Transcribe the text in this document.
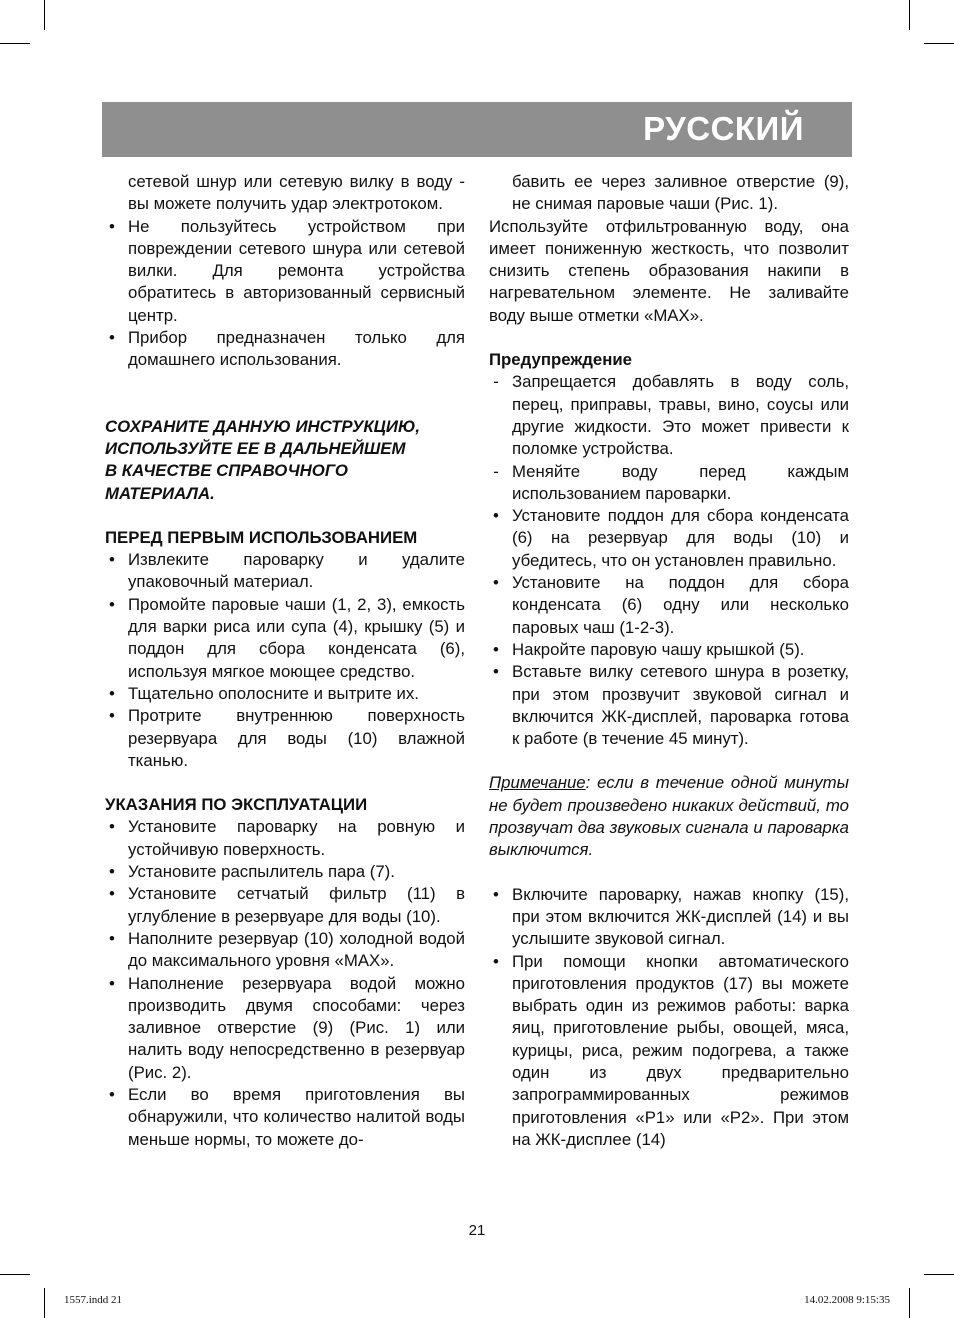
РУССКИЙ

сетевой шнур или сетевую вилку в воду - вы можете получить удар электротоком.

• Не пользуйтесь устройством при повреждении сетевого шнура или сетевой вилки. Для ремонта устройства обратитесь в авторизованный сервисный центр.
• Прибор предназначен только для домашнего использования.
СОХРАНИТЕ ДАННУЮ ИНСТРУКЦИЮ,
ИСПОЛЬЗУЙТЕ ЕЕ В ДАЛЬНЕЙШЕМ
В КАЧЕСТВЕ СПРАВОЧНОГО
МАТЕРИАЛА.

ПЕРЕД ПЕРВЫМ ИСПОЛЬЗОВАНИЕМ

• Извлеките пароварку и удалите упаковочный материал.
• Промойте паровые чаши (1, 2, 3), емкость для варки риса или супа (4), крышку (5) и поддон для сбора конденсата (6), используя мягкое моющее средство.
• Тщательно ополосните и вытрите их.
• Протрите внутреннюю поверхность резервуара для воды (10) влажной тканью.

УКАЗАНИЯ ПО ЭКСПЛУАТАЦИИ

• Установите пароварку на ровную и устойчивую поверхность.
• Установите распылитель пара (7).
• Установите сетчатый фильтр (11) в углубление в резервуаре для воды (10).
• Наполните резервуар (10) холодной водой до максимального уровня «MAX».
• Наполнение резервуара водой можно производить двумя способами: через заливное отверстие (9) (Рис. 1) или налить воду непосредственно в резервуар (Рис. 2).
• Если во время приготовления вы обнаружили, что количество налитой воды меньше нормы, то можете до-

бавить ее через заливное отверстие (9), не снимая паровые чаши (Рис. 1).

Используйте отфильтрованную воду, она имеет пониженную жесткость, что позволит снизить степень образования накипи в нагревательном элементе. Не заливайте воду выше отметки «MAX».

Предупреждение

- Запрещается добавлять в воду соль, перец, приправы, травы, вино, соусы или другие жидкости. Это может привести к поломке устройства.
- Меняйте воду перед каждым использованием пароварки.
• Установите поддон для сбора конденсата (6) на резервуар для воды (10) и убедитесь, что он установлен правильно.
• Установите на поддон для сбора конденсата (6) одну или несколько паровых чаш (1-2-3).
• Накройте паровую чашу крышкой (5).
• Вставьте вилку сетевого шнура в розетку, при этом прозвучит звуковой сигнал и включится ЖК-дисплей, пароварка готова к работе (в течение 45 минут).

Примечание: если в течение одной минуты не будет произведено никаких действий, то прозвучат два звуковых сигнала и пароварка выключится.

• Включите пароварку, нажав кнопку (15), при этом включится ЖК-дисплей (14) и вы услышите звуковой сигнал.
• При помощи кнопки автоматического приготовления продуктов (17) вы можете выбрать один из режимов работы: варка яиц, приготовление рыбы, овощей, мяса, курицы, риса, режим подогрева, а также один из двух предварительно запрограммированных режимов приготовления «P1» или «P2». При этом на ЖК-дисплее (14)
21
1557.indd 21	14.02.2008 9:15:35
